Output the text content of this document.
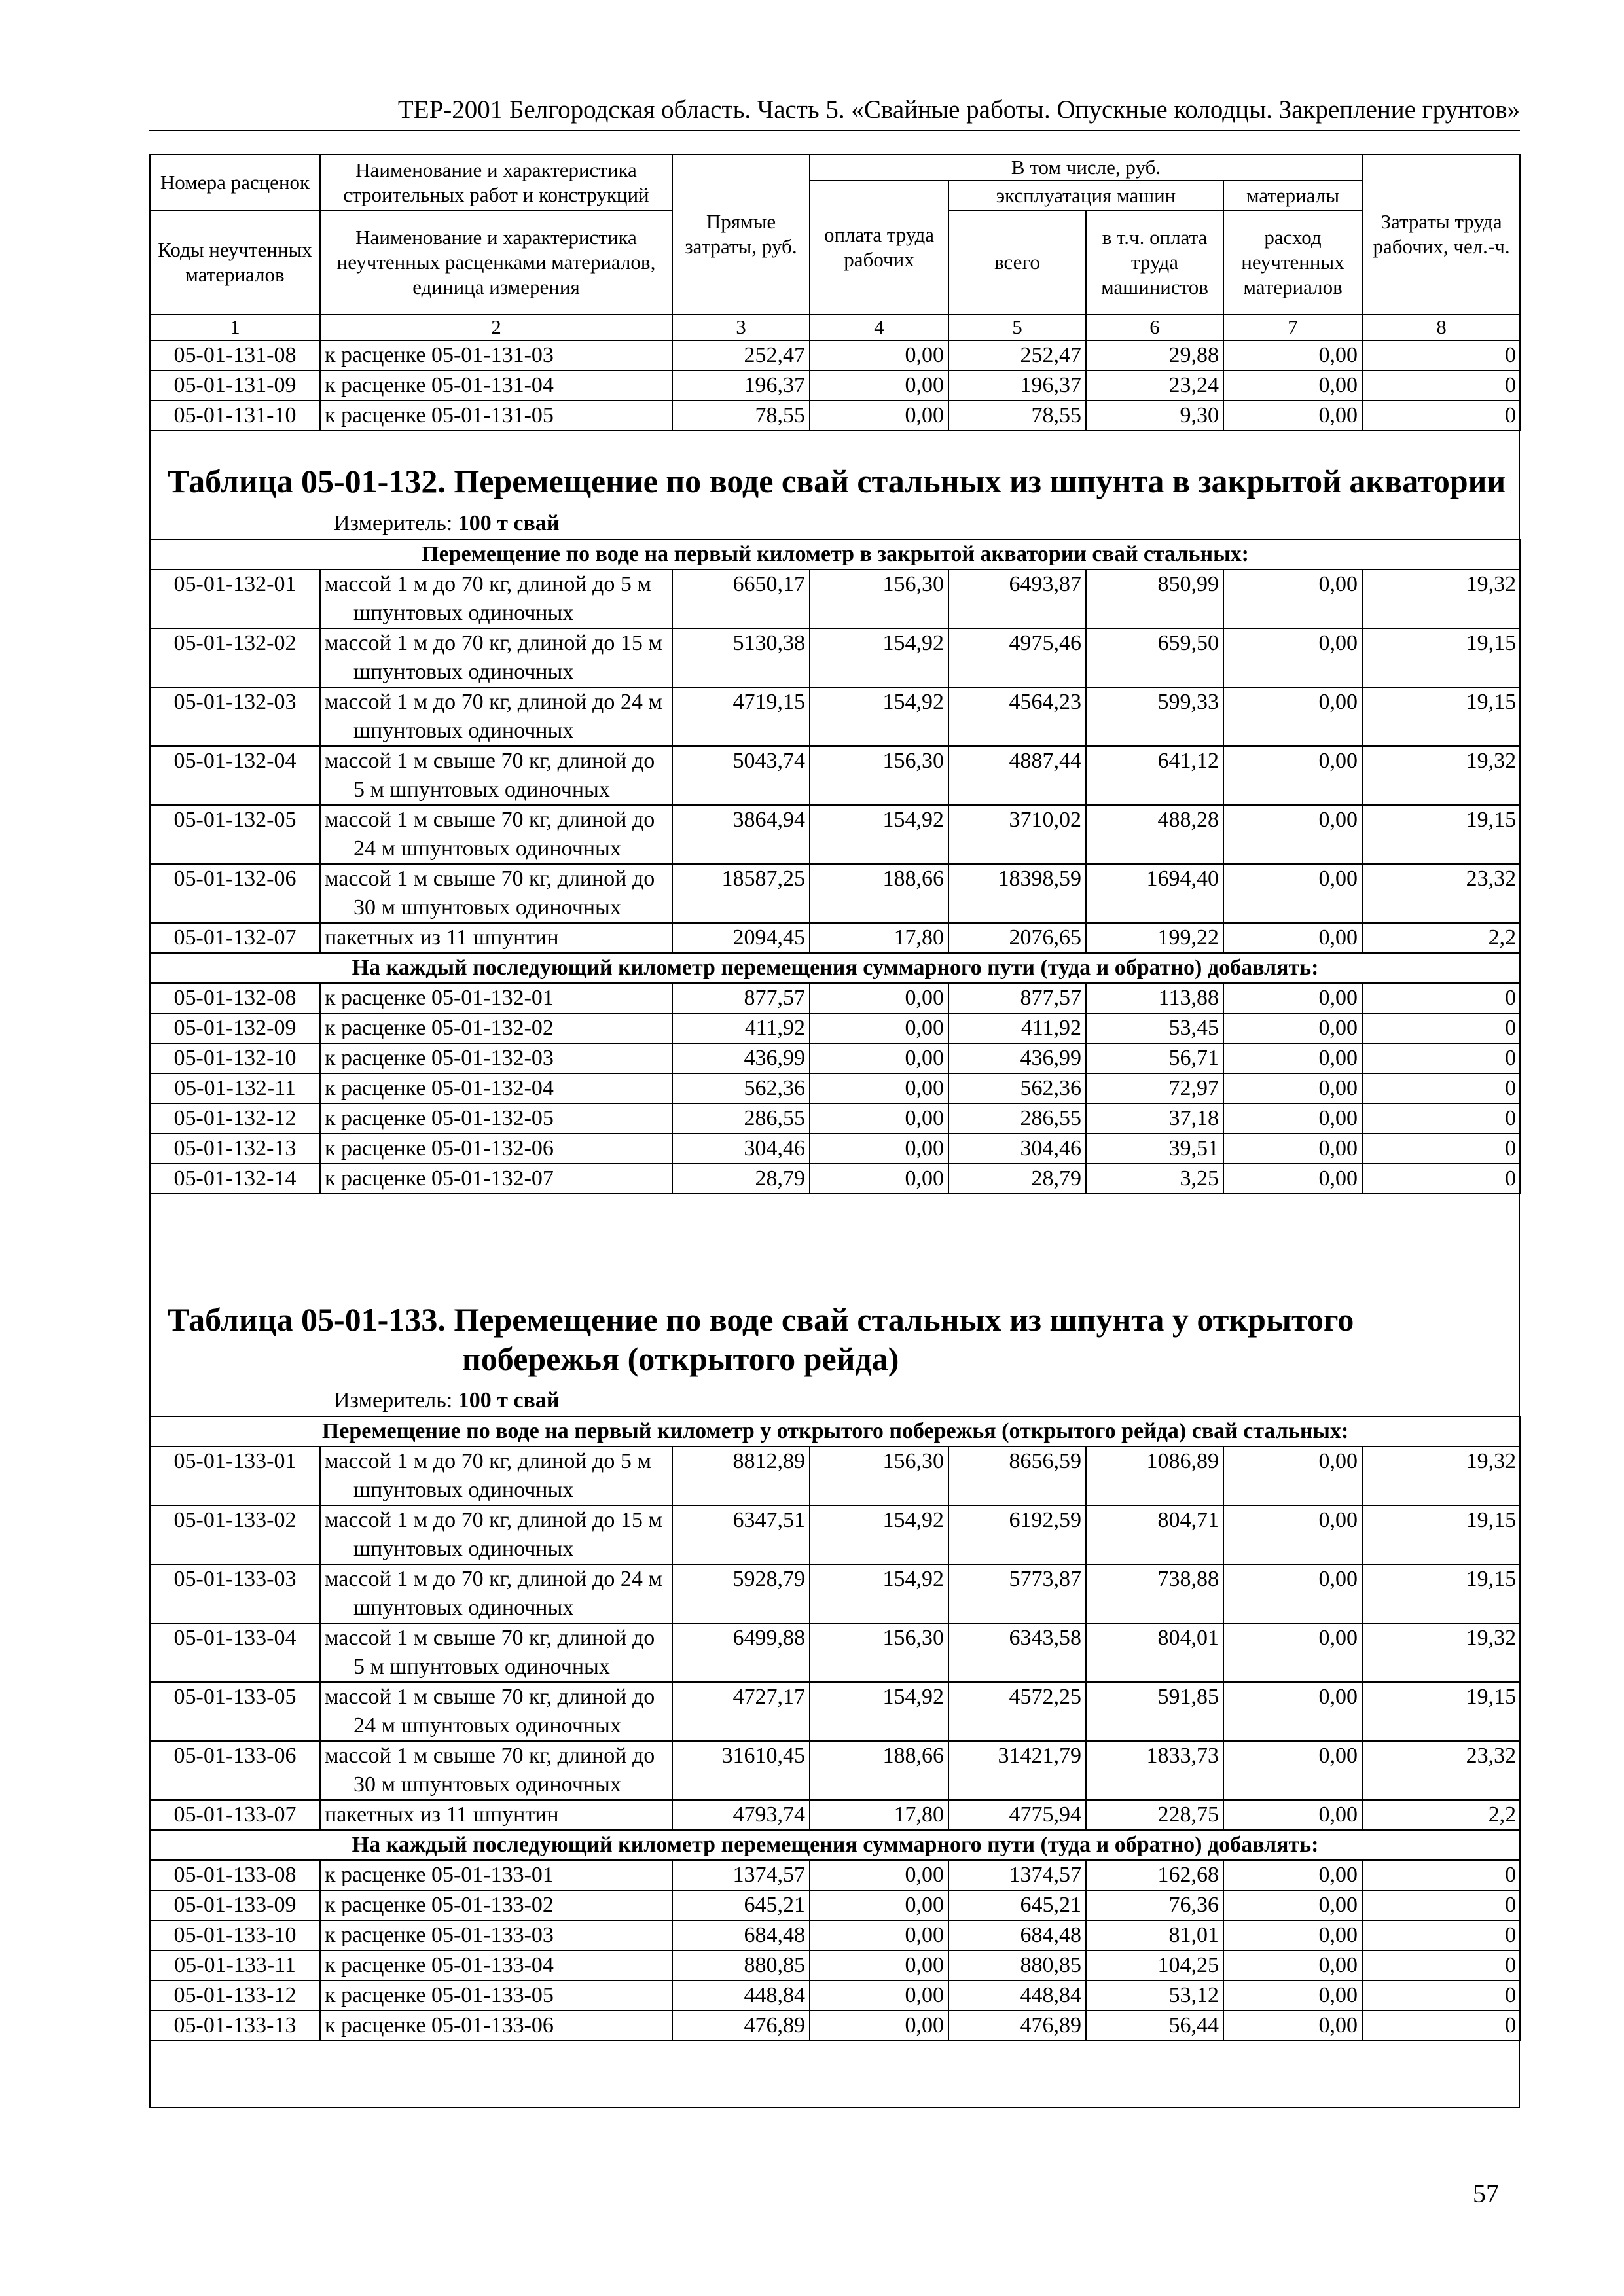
ТЕР-2001 Белгородская область. Часть 5. «Свайные работы. Опускные колодцы. Закрепление грунтов»
Номера расценок	Наименование и характеристика строительных работ и конструкций	Прямые затраты, руб.	В том числе, руб.				Затраты труда рабочих, чел.-ч.
			оплата труда рабочих	эксплуатация машин		материалы	
Коды неучтенных материалов	Наименование и характеристика неучтенных расценками материалов, единица измерения			всего	в т.ч. оплата труда машинистов	расход неучтенных материалов	
1	2	3	4	5	6	7	8
05-01-131-08	к расценке 05-01-131-03	252,47	0,00	252,47	29,88	0,00	0
05-01-131-09	к расценке 05-01-131-04	196,37	0,00	196,37	23,24	0,00	0
05-01-131-10	к расценке 05-01-131-05	78,55	0,00	78,55	9,30	0,00	0
Таблица 05-01-132. Перемещение по воде свай стальных из шпунта в закрытой акватории
Измеритель: 100 т свай
Перемещение по воде на первый километр в закрытой акватории свай стальных:							
05-01-132-01	массой 1 м до 70 кг, длиной до 5 м шпунтовых одиночных	6650,17	156,30	6493,87	850,99	0,00	19,32
05-01-132-02	массой 1 м до 70 кг, длиной до 15 м шпунтовых одиночных	5130,38	154,92	4975,46	659,50	0,00	19,15
05-01-132-03	массой 1 м до 70 кг, длиной до 24 м шпунтовых одиночных	4719,15	154,92	4564,23	599,33	0,00	19,15
05-01-132-04	массой 1 м свыше 70 кг, длиной до 5 м шпунтовых одиночных	5043,74	156,30	4887,44	641,12	0,00	19,32
05-01-132-05	массой 1 м свыше 70 кг, длиной до 24 м шпунтовых одиночных	3864,94	154,92	3710,02	488,28	0,00	19,15
05-01-132-06	массой 1 м свыше 70 кг, длиной до 30 м шпунтовых одиночных	18587,25	188,66	18398,59	1694,40	0,00	23,32
05-01-132-07	пакетных из 11 шпунтин	2094,45	17,80	2076,65	199,22	0,00	2,2
На каждый последующий километр перемещения суммарного пути (туда и обратно) добавлять:							
05-01-132-08	к расценке 05-01-132-01	877,57	0,00	877,57	113,88	0,00	0
05-01-132-09	к расценке 05-01-132-02	411,92	0,00	411,92	53,45	0,00	0
05-01-132-10	к расценке 05-01-132-03	436,99	0,00	436,99	56,71	0,00	0
05-01-132-11	к расценке 05-01-132-04	562,36	0,00	562,36	72,97	0,00	0
05-01-132-12	к расценке 05-01-132-05	286,55	0,00	286,55	37,18	0,00	0
05-01-132-13	к расценке 05-01-132-06	304,46	0,00	304,46	39,51	0,00	0
05-01-132-14	к расценке 05-01-132-07	28,79	0,00	28,79	3,25	0,00	0
Таблица 05-01-133. Перемещение по воде свай стальных из шпунта у открытого
побережья (открытого рейда)
Измеритель: 100 т свай
Перемещение по воде на первый километр у открытого побережья (открытого рейда) свай стальных:							
05-01-133-01	массой 1 м до 70 кг, длиной до 5 м шпунтовых одиночных	8812,89	156,30	8656,59	1086,89	0,00	19,32
05-01-133-02	массой 1 м до 70 кг, длиной до 15 м шпунтовых одиночных	6347,51	154,92	6192,59	804,71	0,00	19,15
05-01-133-03	массой 1 м до 70 кг, длиной до 24 м шпунтовых одиночных	5928,79	154,92	5773,87	738,88	0,00	19,15
05-01-133-04	массой 1 м свыше 70 кг, длиной до 5 м шпунтовых одиночных	6499,88	156,30	6343,58	804,01	0,00	19,32
05-01-133-05	массой 1 м свыше 70 кг, длиной до 24 м шпунтовых одиночных	4727,17	154,92	4572,25	591,85	0,00	19,15
05-01-133-06	массой 1 м свыше 70 кг, длиной до 30 м шпунтовых одиночных	31610,45	188,66	31421,79	1833,73	0,00	23,32
05-01-133-07	пакетных из 11 шпунтин	4793,74	17,80	4775,94	228,75	0,00	2,2
На каждый последующий километр перемещения суммарного пути (туда и обратно) добавлять:							
05-01-133-08	к расценке 05-01-133-01	1374,57	0,00	1374,57	162,68	0,00	0
05-01-133-09	к расценке 05-01-133-02	645,21	0,00	645,21	76,36	0,00	0
05-01-133-10	к расценке 05-01-133-03	684,48	0,00	684,48	81,01	0,00	0
05-01-133-11	к расценке 05-01-133-04	880,85	0,00	880,85	104,25	0,00	0
05-01-133-12	к расценке 05-01-133-05	448,84	0,00	448,84	53,12	0,00	0
05-01-133-13	к расценке 05-01-133-06	476,89	0,00	476,89	56,44	0,00	0
57
